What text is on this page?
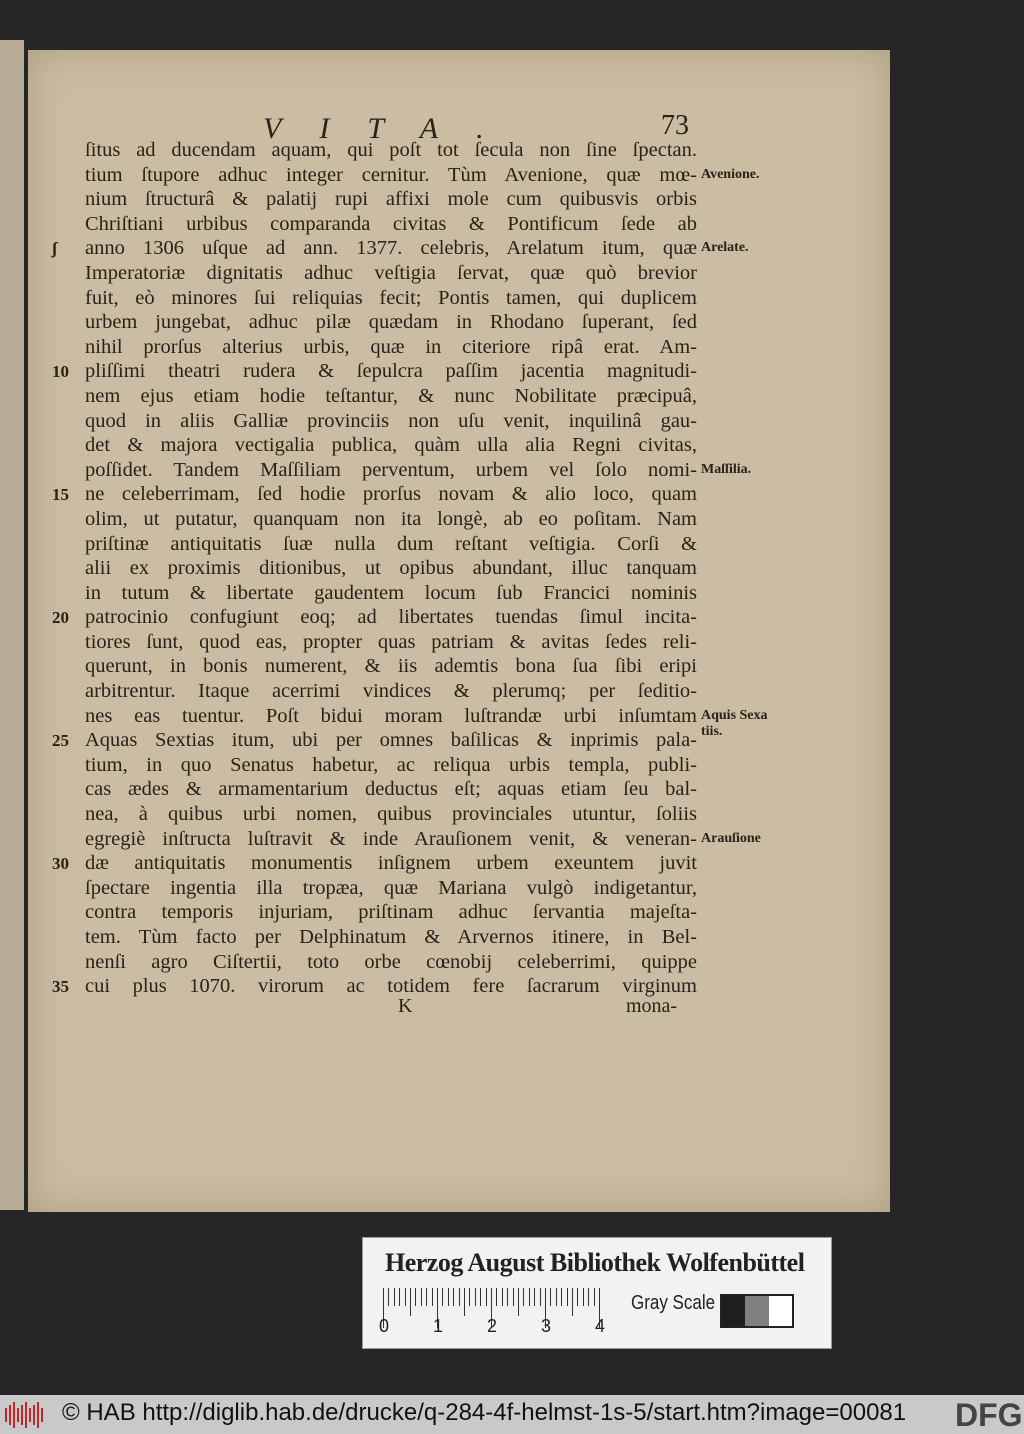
VITA.	73
ſitus ad ducendam aquam, qui poſt tot ſecula non ſine ſpectan.
tium ſtupore adhuc integer cernitur. Tùm Avenione, quæ mœ-
nium ſtructurâ & palatij rupi affixi mole cum quibusvis orbis
Chriſtiani urbibus comparanda civitas & Pontificum ſede ab
anno 1306 uſque ad ann. 1377. celebris, Arelatum itum, quæ
Imperatoriæ dignitatis adhuc veſtigia ſervat, quæ quò brevior
fuit, eò minores ſui reliquias fecit; Pontis tamen, qui duplicem
urbem jungebat, adhuc pilæ quædam in Rhodano ſuperant, ſed
nihil prorſus alterius urbis, quæ in citeriore ripâ erat. Am-
pliſſimi theatri rudera & ſepulcra paſſim jacentia magnitudi-
nem ejus etiam hodie teſtantur, & nunc Nobilitate præcipuâ,
quod in aliis Galliæ provinciis non uſu venit, inquilinâ gau-
det & majora vectigalia publica, quàm ulla alia Regni civitas,
poſſidet. Tandem Maſſiliam perventum, urbem vel ſolo nomi-
ne celeberrimam, ſed hodie prorſus novam & alio loco, quam
olim, ut putatur, quanquam non ita longè, ab eo poſitam. Nam
priſtinæ antiquitatis ſuæ nulla dum reſtant veſtigia. Corſi &
alii ex proximis ditionibus, ut opibus abundant, illuc tanquam
in tutum & libertate gaudentem locum ſub Francici nominis
patrocinio confugiunt eoq; ad libertates tuendas ſimul incita-
tiores ſunt, quod eas, propter quas patriam & avitas ſedes reli-
querunt, in bonis numerent, & iis ademtis bona ſua ſibi eripi
arbitrentur. Itaque acerrimi vindices & plerumq; per ſeditio-
nes eas tuentur. Poſt bidui moram luſtrandæ urbi inſumtam
Aquas Sextias itum, ubi per omnes baſilicas & inprimis pala-
tium, in quo Senatus habetur, ac reliqua urbis templa, publi-
cas ædes & armamentarium deductus eſt; aquas etiam ſeu bal-
nea, à quibus urbi nomen, quibus provinciales utuntur, ſoliis
egregiè inſtructa luſtravit & inde Arauſionem venit, & veneran-
dæ antiquitatis monumentis inſignem urbem exeuntem juvit
ſpectare ingentia illa tropæa, quæ Mariana vulgò indigetantur,
contra temporis injuriam, priſtinam adhuc ſervantia majeſta-
tem. Tùm facto per Delphinatum & Arvernos itinere, in Bel-
nenſi agro Ciſtertii, toto orbe cœnobij celeberrimi, quippe
cui plus 1070. virorum ac totidem fere ſacrarum virginum
K	mona-
ʃ
10
15
20
25
30
35
Avenione.
Arelate.
Maſſilia.
Aquis Sexa tiis.
Arauſione
Herzog August Bibliothek Wolfenbüttel
Gray Scale
0 1 2 3 4
© HAB http://diglib.hab.de/drucke/q-284-4f-helmst-1s-5/start.htm?image=00081 DFG
